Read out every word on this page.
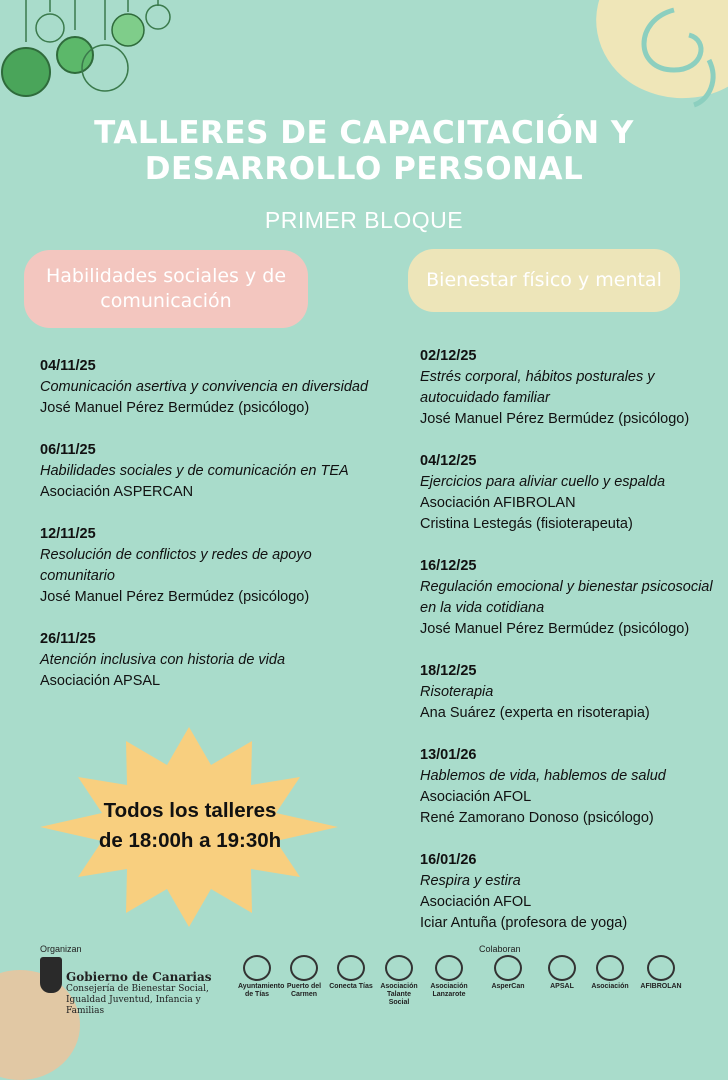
TALLERES DE CAPACITACIÓN Y
DESARROLLO PERSONAL
PRIMER BLOQUE
Habilidades sociales y de
comunicación
Bienestar físico y mental
04/11/25
Comunicación asertiva y convivencia en diversidad
José Manuel Pérez Bermúdez (psicólogo)
06/11/25
Habilidades sociales y de comunicación en TEA
Asociación ASPERCAN
12/11/25
Resolución de conflictos y redes de apoyo comunitario
José Manuel Pérez Bermúdez (psicólogo)
26/11/25
Atención inclusiva con historia de vida
Asociación APSAL
02/12/25
Estrés corporal, hábitos posturales y autocuidado familiar
José Manuel Pérez Bermúdez (psicólogo)
04/12/25
Ejercicios para aliviar cuello y espalda
Asociación AFIBROLAN
Cristina Lestegás (fisioterapeuta)
16/12/25
Regulación emocional y bienestar psicosocial en la vida cotidiana
José Manuel Pérez Bermúdez (psicólogo)
18/12/25
Risoterapia
Ana Suárez (experta en risoterapia)
13/01/26
Hablemos de vida, hablemos de salud
Asociación AFOL
René Zamorano Donoso (psicólogo)
16/01/26
Respira y estira
Asociación AFOL
Iciar Antuña (profesora de yoga)
Todos los talleres
de 18:00h a 19:30h
Organizan	Colaboran
Gobierno de Canarias
Consejería de Bienestar Social, Igualdad Juventud, Infancia y Familias
Ayuntamiento de Tías
Puerto del Carmen
Conecta Tías	Asociación Talante Social
Asociación Lanzarote
AsperCan	APSAL	Asociación	AFIBROLAN
